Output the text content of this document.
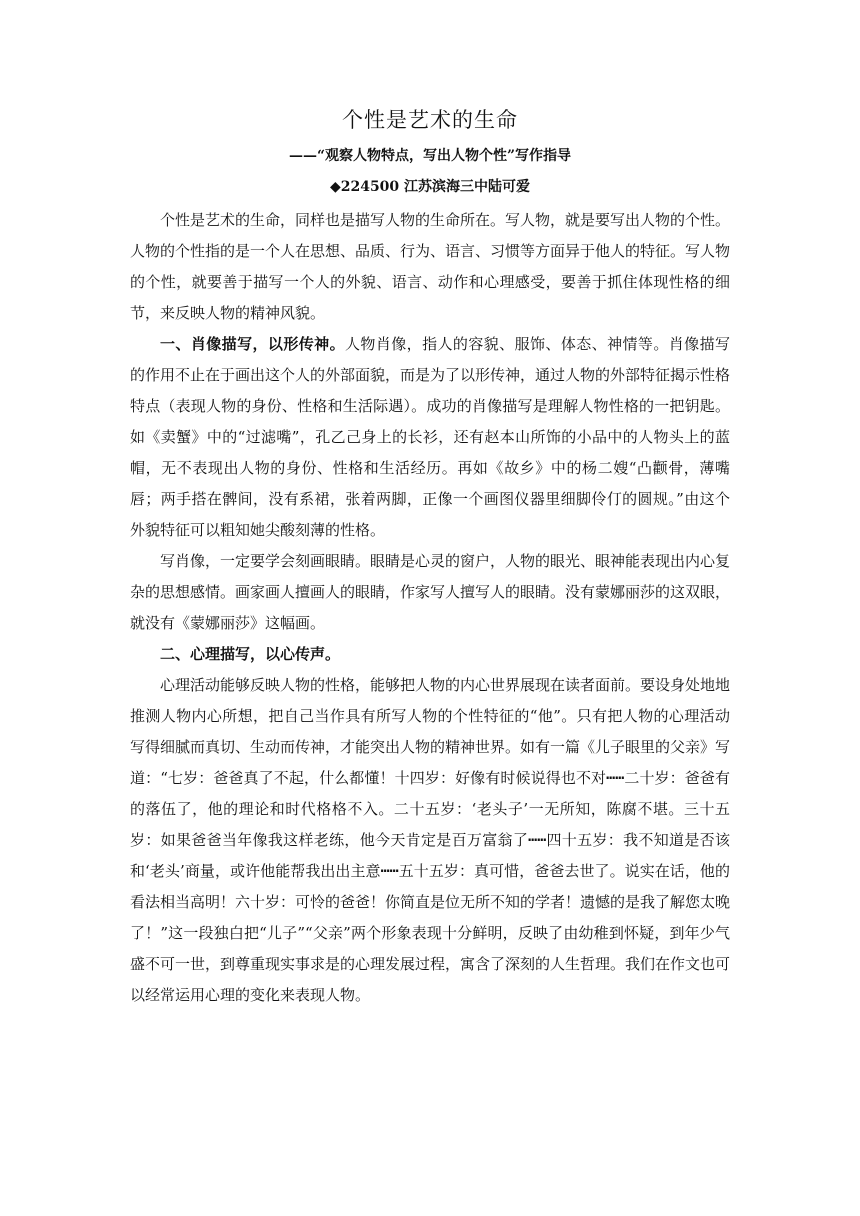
个性是艺术的生命
——“观察人物特点，写出人物个性”写作指导
◆224500 江苏滨海三中陆可爱

个性是艺术的生命，同样也是描写人物的生命所在。写人物，就是要写出人物的个性。人物的个性指的是一个人在思想、品质、行为、语言、习惯等方面异于他人的特征。写人物的个性，就要善于描写一个人的外貌、语言、动作和心理感受，要善于抓住体现性格的细节，来反映人物的精神风貌。

一、肖像描写，以形传神。人物肖像，指人的容貌、服饰、体态、神情等。肖像描写的作用不止在于画出这个人的外部面貌，而是为了以形传神，通过人物的外部特征揭示性格特点（表现人物的身份、性格和生活际遇）。成功的肖像描写是理解人物性格的一把钥匙。如《卖蟹》中的“过滤嘴”，孔乙己身上的长衫，还有赵本山所饰的小品中的人物头上的蓝帽，无不表现出人物的身份、性格和生活经历。再如《故乡》中的杨二嫂“凸颧骨，薄嘴唇；两手搭在髀间，没有系裙，张着两脚，正像一个画图仪器里细脚伶仃的圆规。”由这个外貌特征可以粗知她尖酸刻薄的性格。

写肖像，一定要学会刻画眼睛。眼睛是心灵的窗户，人物的眼光、眼神能表现出内心复杂的思想感情。画家画人擅画人的眼睛，作家写人擅写人的眼睛。没有蒙娜丽莎的这双眼，就没有《蒙娜丽莎》这幅画。

二、心理描写，以心传声。

心理活动能够反映人物的性格，能够把人物的内心世界展现在读者面前。要设身处地地推测人物内心所想，把自己当作具有所写人物的个性特征的“他”。只有把人物的心理活动写得细腻而真切、生动而传神，才能突出人物的精神世界。如有一篇《儿子眼里的父亲》写道：“七岁：爸爸真了不起，什么都懂！十四岁：好像有时候说得也不对┅┅二十岁：爸爸有的落伍了，他的理论和时代格格不入。二十五岁：‘老头子’一无所知，陈腐不堪。三十五岁：如果爸爸当年像我这样老练，他今天肯定是百万富翁了┅┅四十五岁：我不知道是否该和‘老头’商量，或许他能帮我出出主意┅┅五十五岁：真可惜，爸爸去世了。说实在话，他的看法相当高明！六十岁：可怜的爸爸！你简直是位无所不知的学者！遗憾的是我了解您太晚了！”这一段独白把“儿子”“父亲”两个形象表现十分鲜明，反映了由幼稚到怀疑，到年少气盛不可一世，到尊重现实事求是的心理发展过程，寓含了深刻的人生哲理。我们在作文也可以经常运用心理的变化来表现人物。
